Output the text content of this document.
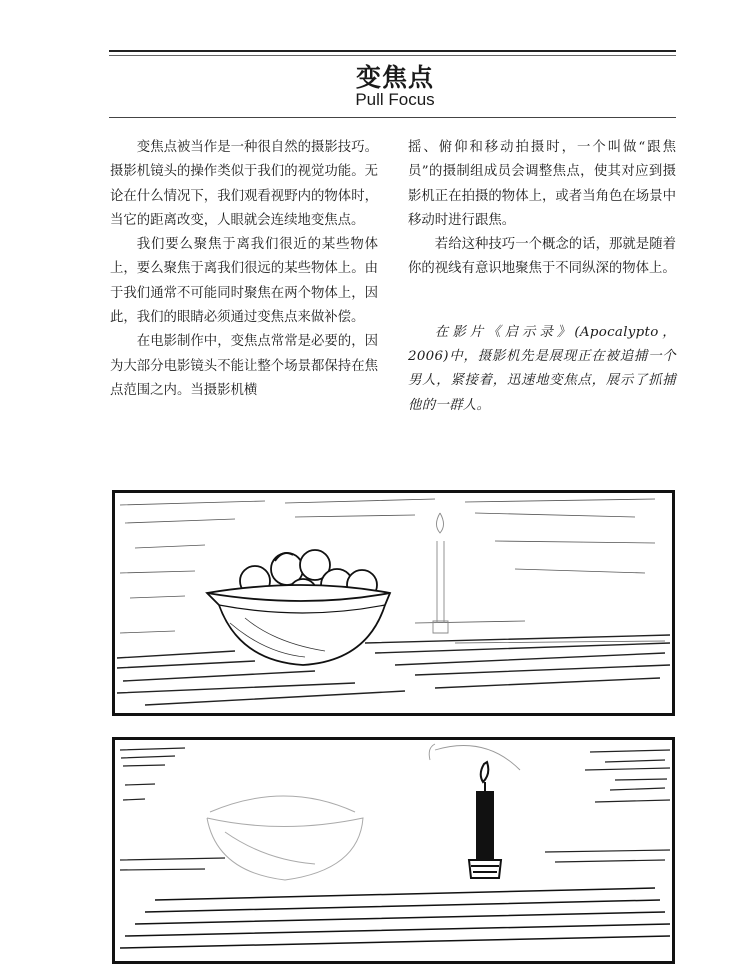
变焦点
Pull Focus

变焦点被当作是一种很自然的摄影技巧。摄影机镜头的操作类似于我们的视觉功能。无论在什么情况下，我们观看视野内的物体时，当它的距离改变，人眼就会连续地变焦点。

我们要么聚焦于离我们很近的某些物体上，要么聚焦于离我们很远的某些物体上。由于我们通常不可能同时聚焦在两个物体上，因此，我们的眼睛必须通过变焦点来做补偿。

在电影制作中，变焦点常常是必要的，因为大部分电影镜头不能让整个场景都保持在焦点范围之内。当摄影机横

摇、俯仰和移动拍摄时，一个叫做“跟焦员”的摄制组成员会调整焦点，使其对应到摄影机正在拍摄的物体上，或者当角色在场景中移动时进行跟焦。

若给这种技巧一个概念的话，那就是随着你的视线有意识地聚焦于不同纵深的物体上。

在影片《启示录》(Apocalypto，2006)中，摄影机先是展现正在被追捕一个男人，紧接着，迅速地变焦点，展示了抓捕他的一群人。
